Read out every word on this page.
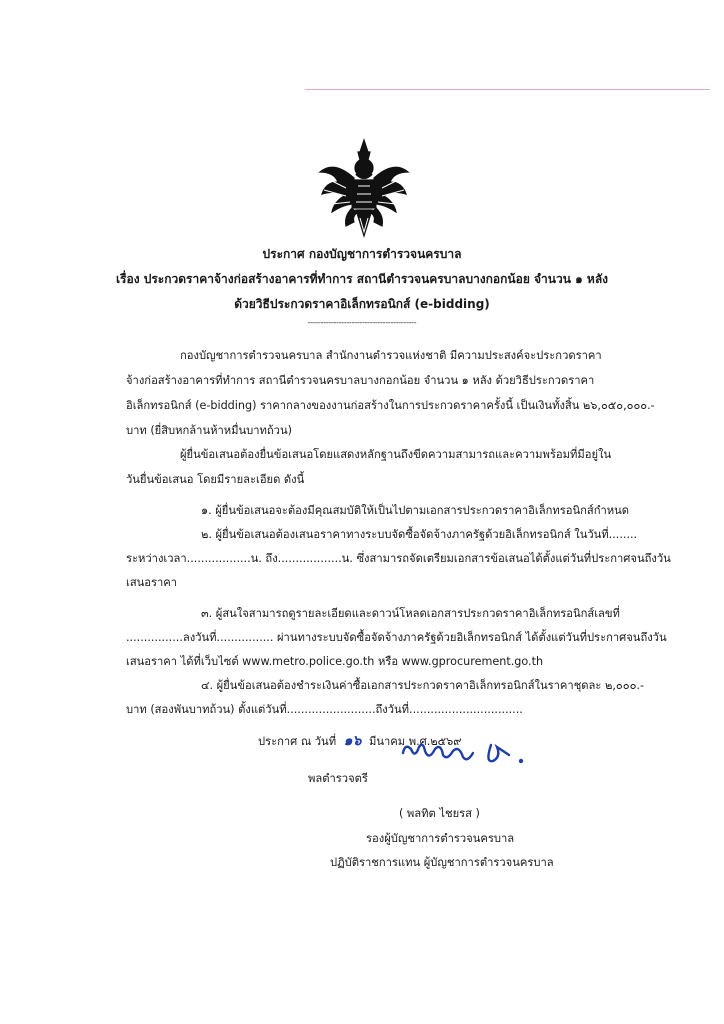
ประกาศ กองบัญชาการตำรวจนครบาล
เรื่อง ประกวดราคาจ้างก่อสร้างอาคารที่ทำการ สถานีตำรวจนครบาลบางกอกน้อย จำนวน ๑ หลัง
ด้วยวิธีประกวดราคาอิเล็กทรอนิกส์ (e-bidding)
------------------------------------------
กองบัญชาการตำรวจนครบาล สำนักงานตำรวจแห่งชาติ มีความประสงค์จะประกวดราคา
จ้างก่อสร้างอาคารที่ทำการ สถานีตำรวจนครบาลบางกอกน้อย จำนวน ๑ หลัง ด้วยวิธีประกวดราคา
อิเล็กทรอนิกส์ (e-bidding) ราคากลางของงานก่อสร้างในการประกวดราคาครั้งนี้ เป็นเงินทั้งสิ้น ๒๖,๐๕๐,๐๐๐.-
บาท (ยี่สิบหกล้านห้าหมื่นบาทถ้วน)
ผู้ยื่นข้อเสนอต้องยื่นข้อเสนอโดยแสดงหลักฐานถึงขีดความสามารถและความพร้อมที่มีอยู่ใน
วันยื่นข้อเสนอ โดยมีรายละเอียด ดังนี้
๑. ผู้ยื่นข้อเสนอจะต้องมีคุณสมบัติให้เป็นไปตามเอกสารประกวดราคาอิเล็กทรอนิกส์กำหนด
๒. ผู้ยื่นข้อเสนอต้องเสนอราคาทางระบบจัดซื้อจัดจ้างภาครัฐด้วยอิเล็กทรอนิกส์ ในวันที่........
ระหว่างเวลา..................น. ถึง..................น. ซึ่งสามารถจัดเตรียมเอกสารข้อเสนอได้ตั้งแต่วันที่ประกาศจนถึงวัน
เสนอราคา
๓. ผู้สนใจสามารถดูรายละเอียดและดาวน์โหลดเอกสารประกวดราคาอิเล็กทรอนิกส์เลขที่
................ลงวันที่................ ผ่านทางระบบจัดซื้อจัดจ้างภาครัฐด้วยอิเล็กทรอนิกส์ ได้ตั้งแต่วันที่ประกาศจนถึงวัน
เสนอราคา ได้ที่เว็บไซต์ www.metro.police.go.th หรือ www.gprocurement.go.th
๔. ผู้ยื่นข้อเสนอต้องชำระเงินค่าซื้อเอกสารประกวดราคาอิเล็กทรอนิกส์ในราคาชุดละ ๒,๐๐๐.-
บาท (สองพันบาทถ้วน) ตั้งแต่วันที่.........................ถึงวันที่................................
ประกาศ ณ วันที่ ๑๖ มีนาคม พ.ศ.๒๕๖๙
พลตำรวจตรี
( พลทิต ไชยรส )
รองผู้บัญชาการตำรวจนครบาล
ปฏิบัติราชการแทน ผู้บัญชาการตำรวจนครบาล
